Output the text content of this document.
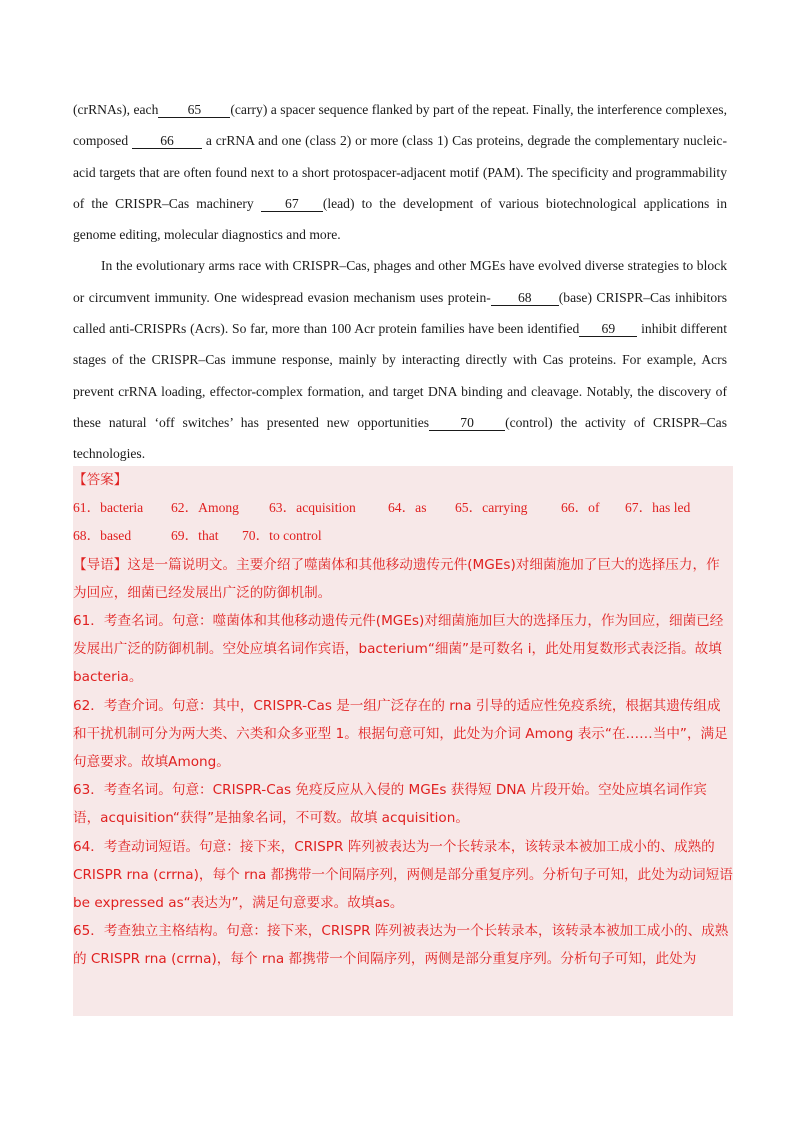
(crRNAs), each 65 (carry) a spacer sequence flanked by part of the repeat. Finally, the interference complexes, composed 66 a crRNA and one (class 2) or more (class 1) Cas proteins, degrade the complementary nucleic-acid targets that are often found next to a short protospacer-adjacent motif (PAM). The specificity and programmability of the CRISPR–Cas machinery 67 (lead) to the development of various biotechnological applications in genome editing, molecular diagnostics and more.

In the evolutionary arms race with CRISPR–Cas, phages and other MGEs have evolved diverse strategies to block or circumvent immunity. One widespread evasion mechanism uses protein- 68 (base) CRISPR–Cas inhibitors called anti-CRISPRs (Acrs). So far, more than 100 Acr protein families have been identified 69 inhibit different stages of the CRISPR–Cas immune response, mainly by interacting directly with Cas proteins. For example, Acrs prevent crRNA loading, effector-complex formation, and target DNA binding and cleavage. Notably, the discovery of these natural ‘off switches’ has presented new opportunities 70 (control) the activity of CRISPR–Cas technologies.

【答案】
61．bacteria 62．Among 63．acquisition 64．as 65．carrying 66．of 67．has led
68．based	69．that 70．to control

【导语】这是一篇说明文。主要介绍了噬菌体和其他移动遗传元件(MGEs)对细菌施加了巨大的选择压力，作为回应，细菌已经发展出广泛的防御机制。

61．考查名词。句意：噬菌体和其他移动遗传元件(MGEs)对细菌施加巨大的选择压力，作为回应，细菌已经发展出广泛的防御机制。空处应填名词作宾语，bacterium“细菌”是可数名 i，此处用复数形式表泛指。故填bacteria。

62．考查介词。句意：其中，CRISPR-Cas 是一组广泛存在的 rna 引导的适应性免疫系统，根据其遗传组成和干扰机制可分为两大类、六类和众多亚型 1。根据句意可知，此处为介词 Among 表示“在……当中”，满足句意要求。故填Among。

63．考查名词。句意：CRISPR-Cas 免疫反应从入侵的 MGEs 获得短 DNA 片段开始。空处应填名词作宾语，acquisition“获得”是抽象名词，不可数。故填 acquisition。

64．考查动词短语。句意：接下来，CRISPR 阵列被表达为一个长转录本，该转录本被加工成小的、成熟的 CRISPR rna (crrna)，每个 rna 都携带一个间隔序列，两侧是部分重复序列。分析句子可知，此处为动词短语 be expressed as“表达为”，满足句意要求。故填as。

65．考查独立主格结构。句意：接下来，CRISPR 阵列被表达为一个长转录本，该转录本被加工成小的、成熟的 CRISPR rna (crrna)，每个 rna 都携带一个间隔序列，两侧是部分重复序列。分析句子可知，此处为
